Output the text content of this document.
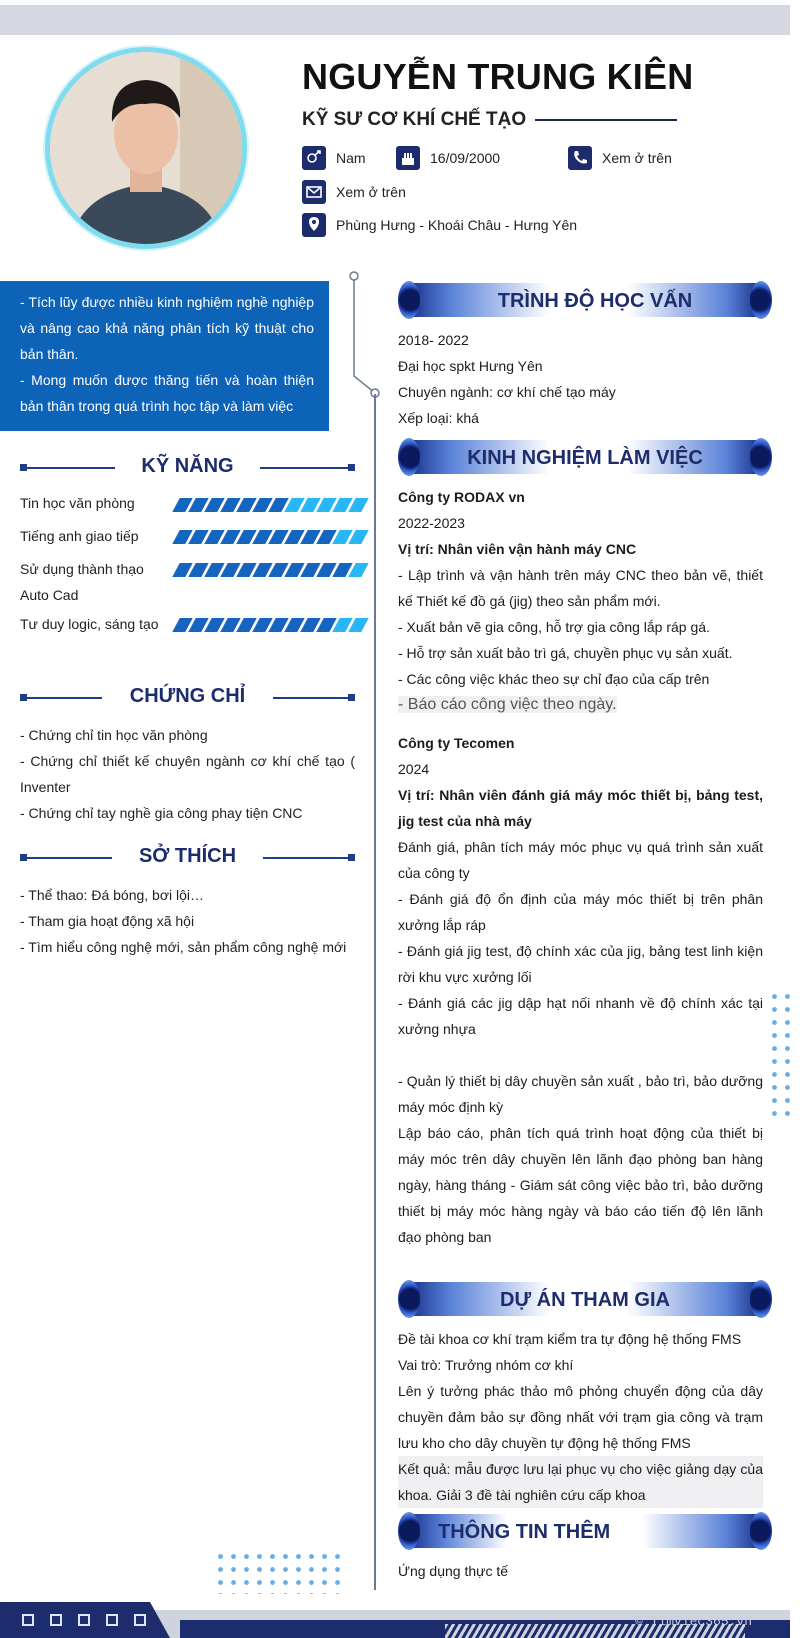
NGUYỄN TRUNG KIÊN
KỸ SƯ CƠ KHÍ CHẾ TẠO
Nam	16/09/2000	Xem ở trên
Xem ở trên
Phùng Hưng - Khoái Châu - Hưng Yên
- Tích lũy được nhiều kinh nghiệm nghề nghiệp và nâng cao khả năng phân tích kỹ thuật cho bản thân.
- Mong muốn được thăng tiến và hoàn thiện bản thân trong quá trình học tập và làm việc
KỸ NĂNG
Tin học văn phòng
Tiếng anh giao tiếp
Sử dụng thành thạo Auto Cad
Tư duy logic, sáng tạo
CHỨNG CHỈ
- Chứng chỉ tin học văn phòng
- Chứng chỉ thiết kế chuyên ngành cơ khí chế tạo ( Inventer
- Chứng chỉ tay nghề gia công phay tiện CNC
SỞ THÍCH
- Thể thao: Đá bóng, bơi lội…
- Tham gia hoạt động xã hội
- Tìm hiểu công nghệ mới, sản phẩm công nghệ mới
TRÌNH ĐỘ HỌC VẤN
2018- 2022
Đại học spkt Hưng Yên
Chuyên ngành: cơ khí chế tạo máy
Xếp loại: khá
KINH NGHIỆM LÀM VIỆC
Công ty RODAX vn
2022-2023
Vị trí: Nhân viên vận hành máy CNC
- Lập trình và vận hành trên máy CNC theo bản vẽ, thiết kế Thiết kế đồ gá (jig) theo sản phẩm mới.
- Xuất bản vẽ gia công, hỗ trợ gia công lắp ráp gá.
- Hỗ trợ sản xuất bảo trì gá, chuyền phục vụ sản xuất.
- Các công việc khác theo sự chỉ đạo của cấp trên
- Báo cáo công việc theo ngày.
Công ty Tecomen
2024
Vị trí: Nhân viên đánh giá máy móc thiết bị, bảng test, jig test của nhà máy
Đánh giá, phân tích máy móc phục vụ quá trình sản xuất của công ty
- Đánh giá độ ổn định của máy móc thiết bị trên phân xưởng lắp ráp
- Đánh giá jig test, độ chính xác của jig, bảng test linh kiện rời khu vực xưởng lối
- Đánh giá các jig dập hạt nối nhanh về độ chính xác tại xưởng nhựa
- Quản lý thiết bị dây chuyền sản xuất , bảo trì, bảo dưỡng máy móc định kỳ
Lập báo cáo, phân tích quá trình hoạt động của thiết bị máy móc trên dây chuyền lên lãnh đạo phòng ban hàng ngày, hàng tháng - Giám sát công việc bảo trì, bảo dưỡng thiết bị máy móc hàng ngày và báo cáo tiến độ lên lãnh đạo phòng ban
DỰ ÁN THAM GIA
Đề tài khoa cơ khí trạm kiểm tra tự động hệ thống FMS
Vai trò: Trưởng nhóm cơ khí
Lên ý tưởng phác thảo mô phỏng chuyển động của dây chuyền đảm bảo sự đồng nhất với trạm gia công và trạm lưu kho cho dây chuyền tự động hệ thống FMS
Kết quả: mẫu được lưu lại phục vụ cho việc giảng dạy của khoa. Giải 3 đề tài nghiên cứu cấp khoa
THÔNG TIN THÊM
Ứng dụng thực tế
© Timviec365.vn
